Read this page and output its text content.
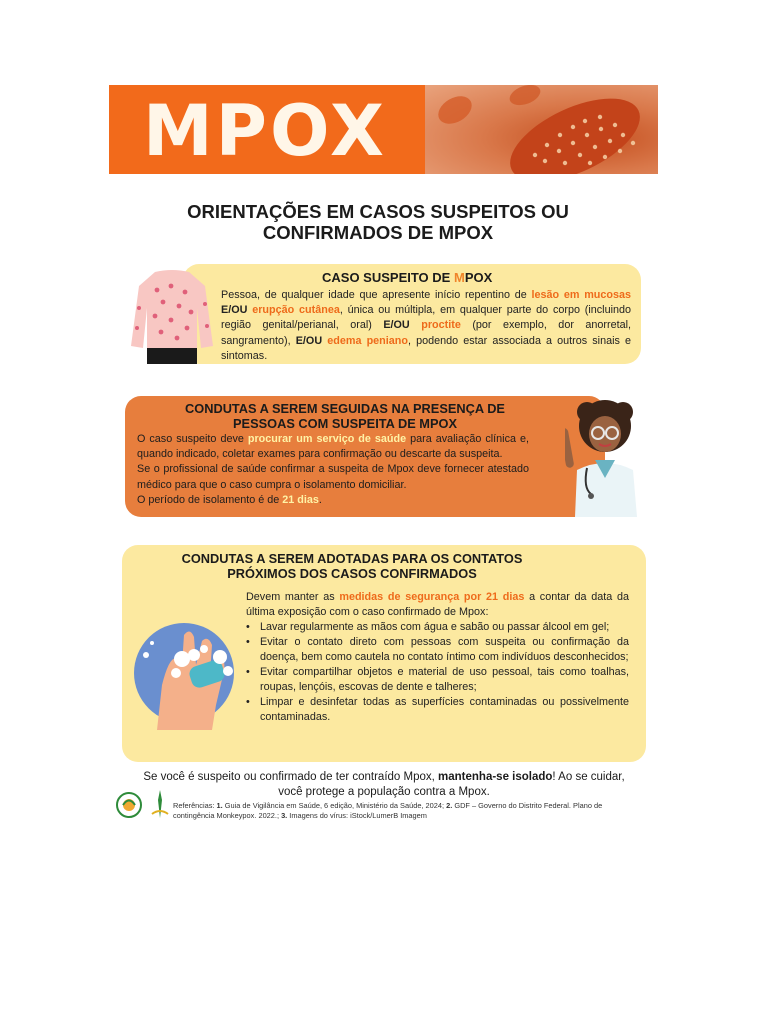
MPOX
ORIENTAÇÕES EM CASOS SUSPEITOS OU CONFIRMADOS DE MPOX
CASO SUSPEITO DE MPOX
Pessoa, de qualquer idade que apresente início repentino de lesão em mucosas E/OU erupção cutânea, única ou múltipla, em qualquer parte do corpo (incluindo região genital/perianal, oral) E/OU proctite (por exemplo, dor anorretal, sangramento), E/OU edema peniano, podendo estar associada a outros sinais e sintomas.
CONDUTAS A SEREM SEGUIDAS NA PRESENÇA DE PESSOAS COM SUSPEITA DE MPOX
O caso suspeito deve procurar um serviço de saúde para avaliação clínica e, quando indicado, coletar exames para confirmação ou descarte da suspeita.
Se o profissional de saúde confirmar a suspeita de Mpox deve fornecer atestado médico para que o caso cumpra o isolamento domiciliar.
O período de isolamento é de 21 dias.
CONDUTAS A SEREM ADOTADAS PARA OS CONTATOS PRÓXIMOS DOS CASOS CONFIRMADOS
Devem manter as medidas de segurança por 21 dias a contar da data da última exposição com o caso confirmado de Mpox:
• Lavar regularmente as mãos com água e sabão ou passar álcool em gel;
• Evitar o contato direto com pessoas com suspeita ou confirmação da doença, bem como cautela no contato íntimo com indivíduos desconhecidos;
• Evitar compartilhar objetos e material de uso pessoal, tais como toalhas, roupas, lençóis, escovas de dente e talheres;
• Limpar e desinfetar todas as superfícies contaminadas ou possivelmente contaminadas.
Se você é suspeito ou confirmado de ter contraído Mpox, mantenha-se isolado! Ao se cuidar, você protege a população contra a Mpox.
Referências: 1. Guia de Vigilância em Saúde, 6 edição, Ministério da Saúde, 2024; 2. GDF – Governo do Distrito Federal. Plano de contingência Monkeypox. 2022.; 3. Imagens do vírus: iStock/LumerB Imagem
